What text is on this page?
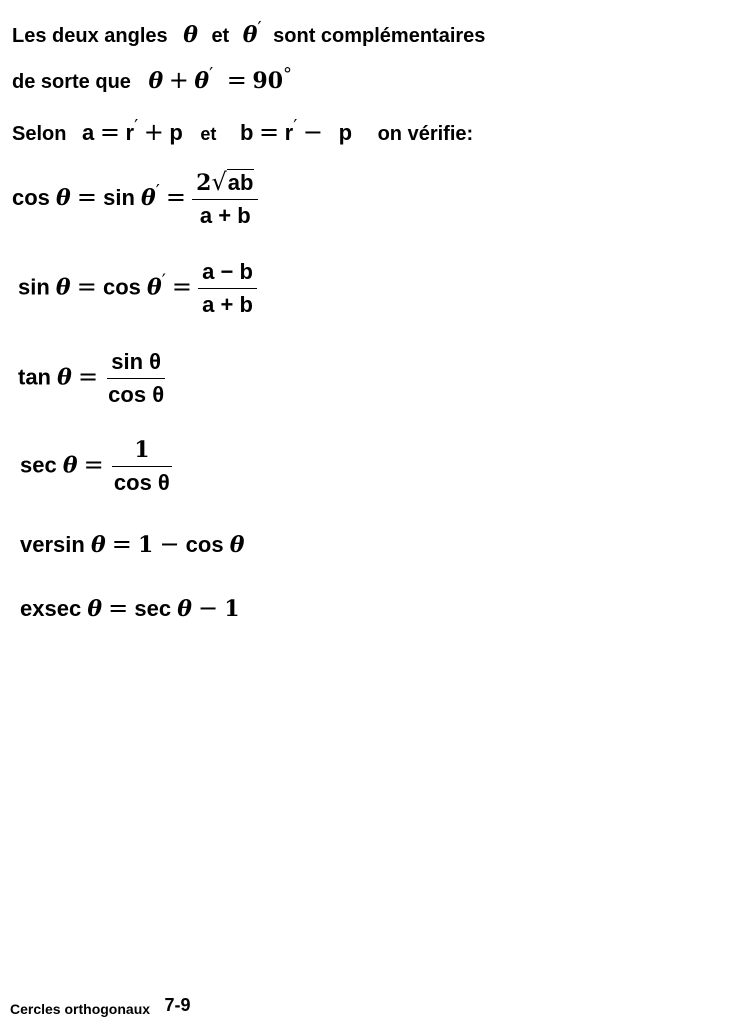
Les deux angles θ et θ′ sont complémentaires
de sorte que θ + θ′ = 90°
Selon a = r′ + p et b = r′ − p on vérifie:
$\cos \theta = \sin \theta' = \frac{2√ab}{a + b}$
$\sin \theta = \cos \theta' = \frac{a - b}{a + b}$
$\tan \theta = \frac{\text{sin θ}}{\text{cos θ}}$
$\sec \theta = \frac{1}{\text{cos θ}}$
versin θ = 1 − cos θ
exsec θ = sec θ − 1
Cercles orthogonaux 7-9
